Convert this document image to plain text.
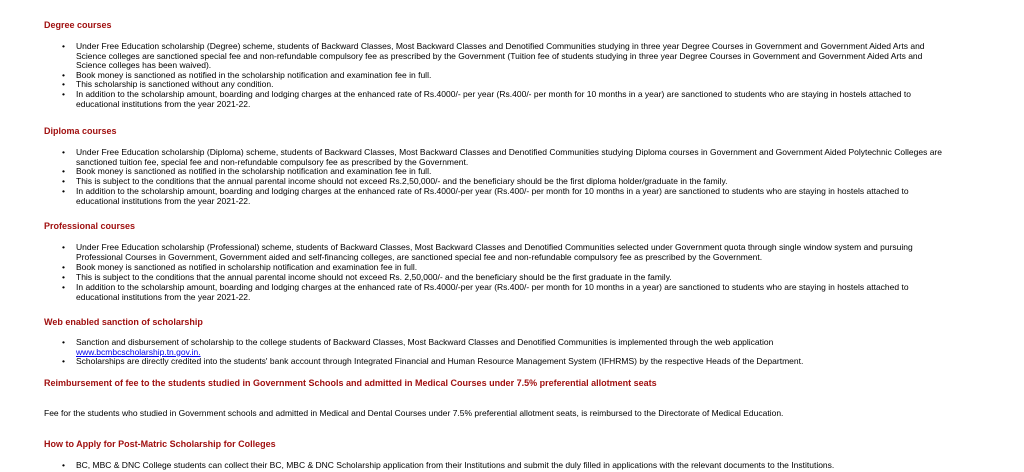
Degree courses
•	Under Free Education scholarship (Degree) scheme, students of Backward Classes, Most Backward Classes and Denotified Communities studying in three year Degree Courses in Government and Government Aided Arts and Science colleges are sanctioned special fee and non-refundable compulsory fee as prescribed by the Government (Tuition fee of students studying in three year Degree Courses in Government and Government Aided Arts and Science colleges has been waived).
•	Book money is sanctioned as notified in the scholarship notification and examination fee in full.
•	This scholarship is sanctioned without any condition.
•	In addition to the scholarship amount, boarding and lodging charges at the enhanced rate of Rs.4000/- per year (Rs.400/- per month for 10 months in a year) are sanctioned to students who are staying in hostels attached to educational institutions from the year 2021-22.
Diploma courses
•	Under Free Education scholarship (Diploma) scheme, students of Backward Classes, Most Backward Classes and Denotified Communities studying Diploma courses in Government and Government Aided Polytechnic Colleges are sanctioned tuition fee, special fee and non-refundable compulsory fee as prescribed by the Government.
•	Book money is sanctioned as notified in the scholarship notification and examination fee in full.
•	This is subject to the conditions that the annual parental income should not exceed Rs.2,50,000/- and the beneficiary should be the first diploma holder/graduate in the family.
•	In addition to the scholarship amount, boarding and lodging charges at the enhanced rate of Rs.4000/-per year (Rs.400/- per month for 10 months in a year) are sanctioned to students who are staying in hostels attached to educational institutions from the year 2021-22.
Professional courses
•	Under Free Education scholarship (Professional) scheme, students of Backward Classes, Most Backward Classes and Denotified Communities selected under Government quota through single window system and pursuing Professional Courses in Government, Government aided and self-financing colleges, are sanctioned special fee and non-refundable compulsory fee as prescribed by the Government.
•	Book money is sanctioned as notified in scholarship notification and examination fee in full.
•	This is subject to the conditions that the annual parental income should not exceed Rs. 2,50,000/- and the beneficiary should be the first graduate in the family.
•	In addition to the scholarship amount, boarding and lodging charges at the enhanced rate of Rs.4000/-per year (Rs.400/- per month for 10 months in a year) are sanctioned to students who are staying in hostels attached to educational institutions from the year 2021-22.
Web enabled sanction of scholarship
•	Sanction and disbursement of scholarship to the college students of Backward Classes, Most Backward Classes and Denotified Communities is implemented through the web application
www.bcmbcscholarship.tn.gov.in.
•	Scholarships are directly credited into the students' bank account through Integrated Financial and Human Resource Management System (IFHRMS) by the respective Heads of the Department.
Reimbursement of fee to the students studied in Government Schools and admitted in Medical Courses under 7.5% preferential allotment seats

Fee for the students who studied in Government schools and admitted in Medical and Dental Courses under 7.5% preferential allotment seats, is reimbursed to the Directorate of Medical Education.

How to Apply for Post-Matric Scholarship for Colleges
•	BC, MBC & DNC College students can collect their BC, MBC & DNC Scholarship application from their Institutions and submit the duly filled in applications with the relevant documents to the Institutions.
